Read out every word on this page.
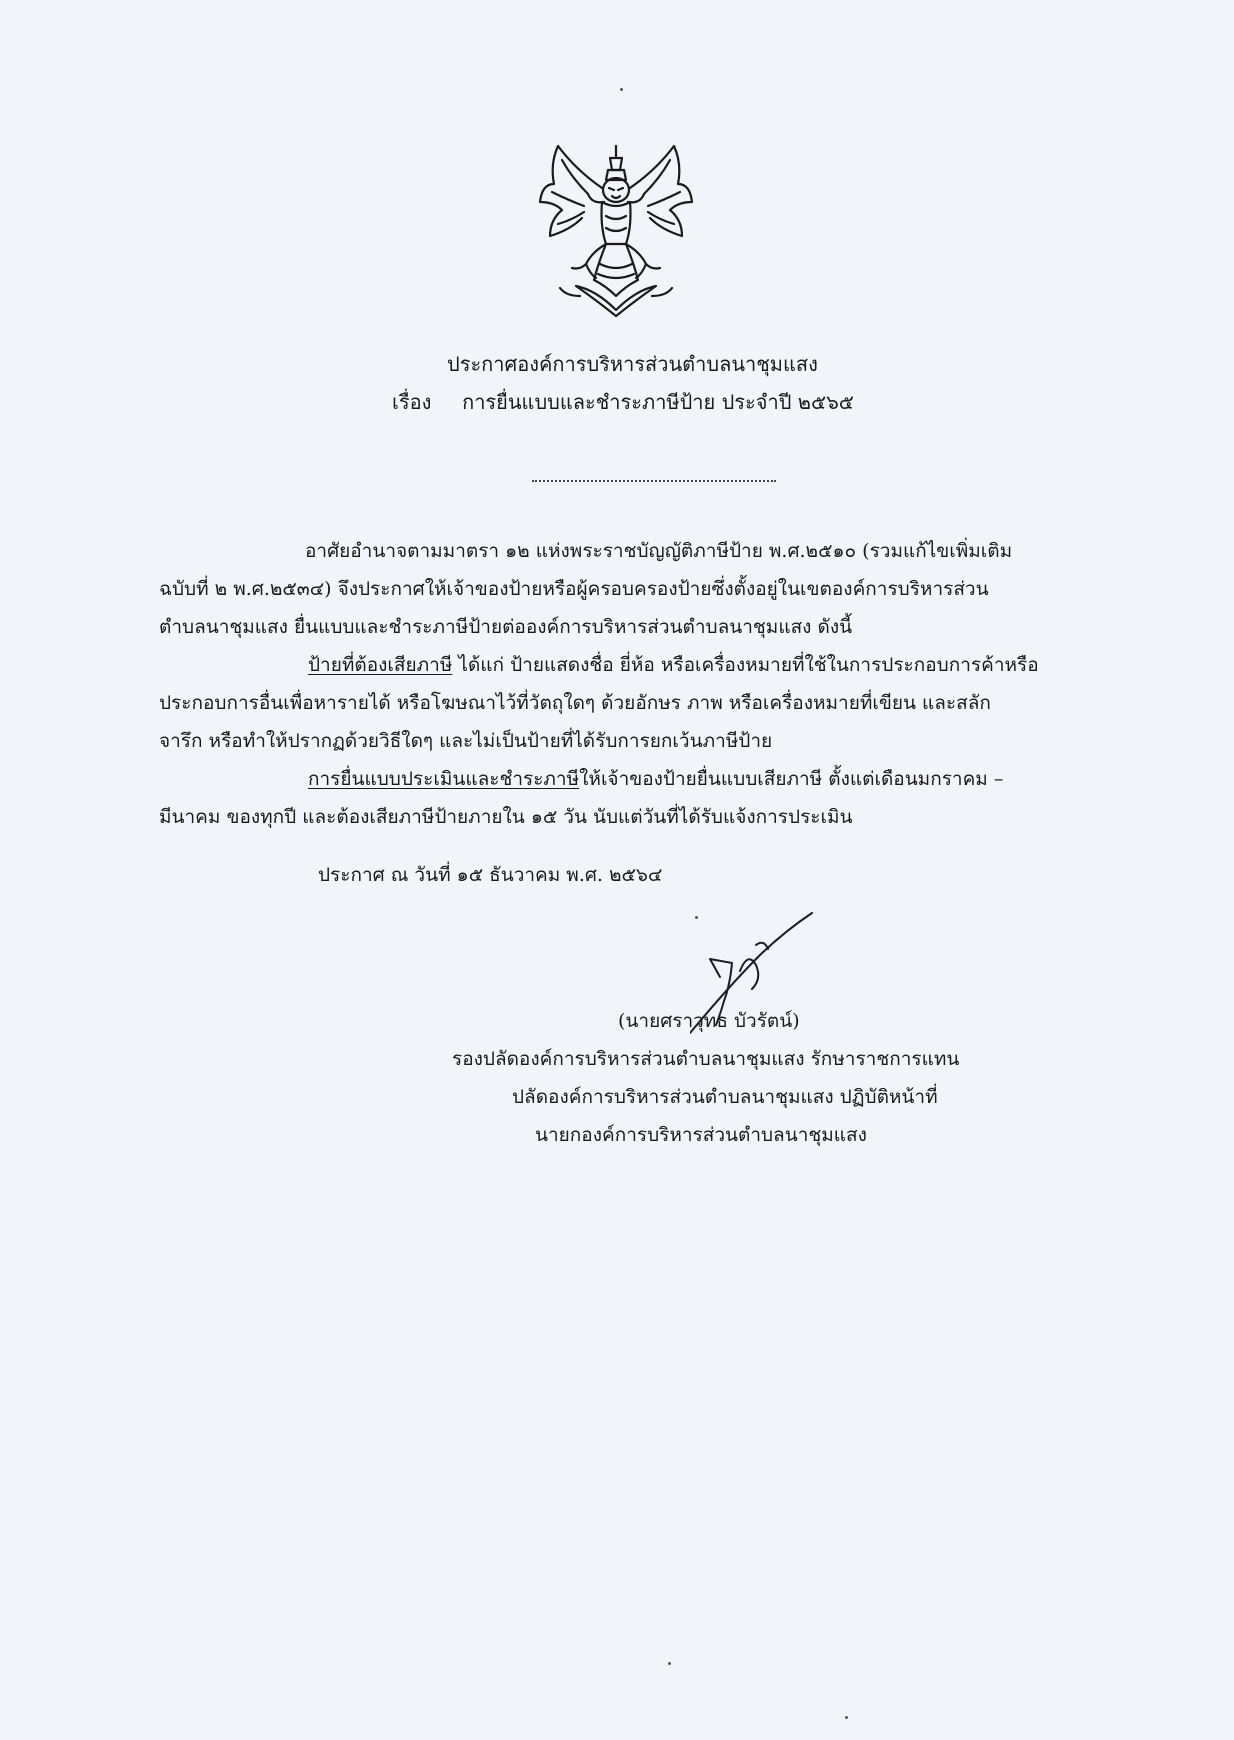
ประกาศองค์การบริหารส่วนตำบลนาชุมแสง
เรื่อง การยื่นแบบและชำระภาษีป้าย ประจำปี ๒๕๖๕
อาศัยอำนาจตามมาตรา ๑๒ แห่งพระราชบัญญัติภาษีป้าย พ.ศ.๒๕๑๐ (รวมแก้ไขเพิ่มเติม
ฉบับที่ ๒ พ.ศ.๒๕๓๔) จึงประกาศให้เจ้าของป้ายหรือผู้ครอบครองป้ายซึ่งตั้งอยู่ในเขตองค์การบริหารส่วน
ตำบลนาชุมแสง ยื่นแบบและชำระภาษีป้ายต่อองค์การบริหารส่วนตำบลนาชุมแสง ดังนี้
ป้ายที่ต้องเสียภาษี ได้แก่ ป้ายแสดงชื่อ ยี่ห้อ หรือเครื่องหมายที่ใช้ในการประกอบการค้าหรือ
ประกอบการอื่นเพื่อหารายได้ หรือโฆษณาไว้ที่วัตถุใดๆ ด้วยอักษร ภาพ หรือเครื่องหมายที่เขียน และสลัก
จารึก หรือทำให้ปรากฏด้วยวิธีใดๆ และไม่เป็นป้ายที่ได้รับการยกเว้นภาษีป้าย
การยื่นแบบประเมินและชำระภาษีให้เจ้าของป้ายยื่นแบบเสียภาษี ตั้งแต่เดือนมกราคม –
มีนาคม ของทุกปี และต้องเสียภาษีป้ายภายใน ๑๕ วัน นับแต่วันที่ได้รับแจ้งการประเมิน
ประกาศ ณ วันที่ ๑๕ ธันวาคม พ.ศ. ๒๕๖๔
(นายศราวุทธ บัวรัตน์)
รองปลัดองค์การบริหารส่วนตำบลนาชุมแสง รักษาราชการแทน
ปลัดองค์การบริหารส่วนตำบลนาชุมแสง ปฏิบัติหน้าที่
นายกองค์การบริหารส่วนตำบลนาชุมแสง
